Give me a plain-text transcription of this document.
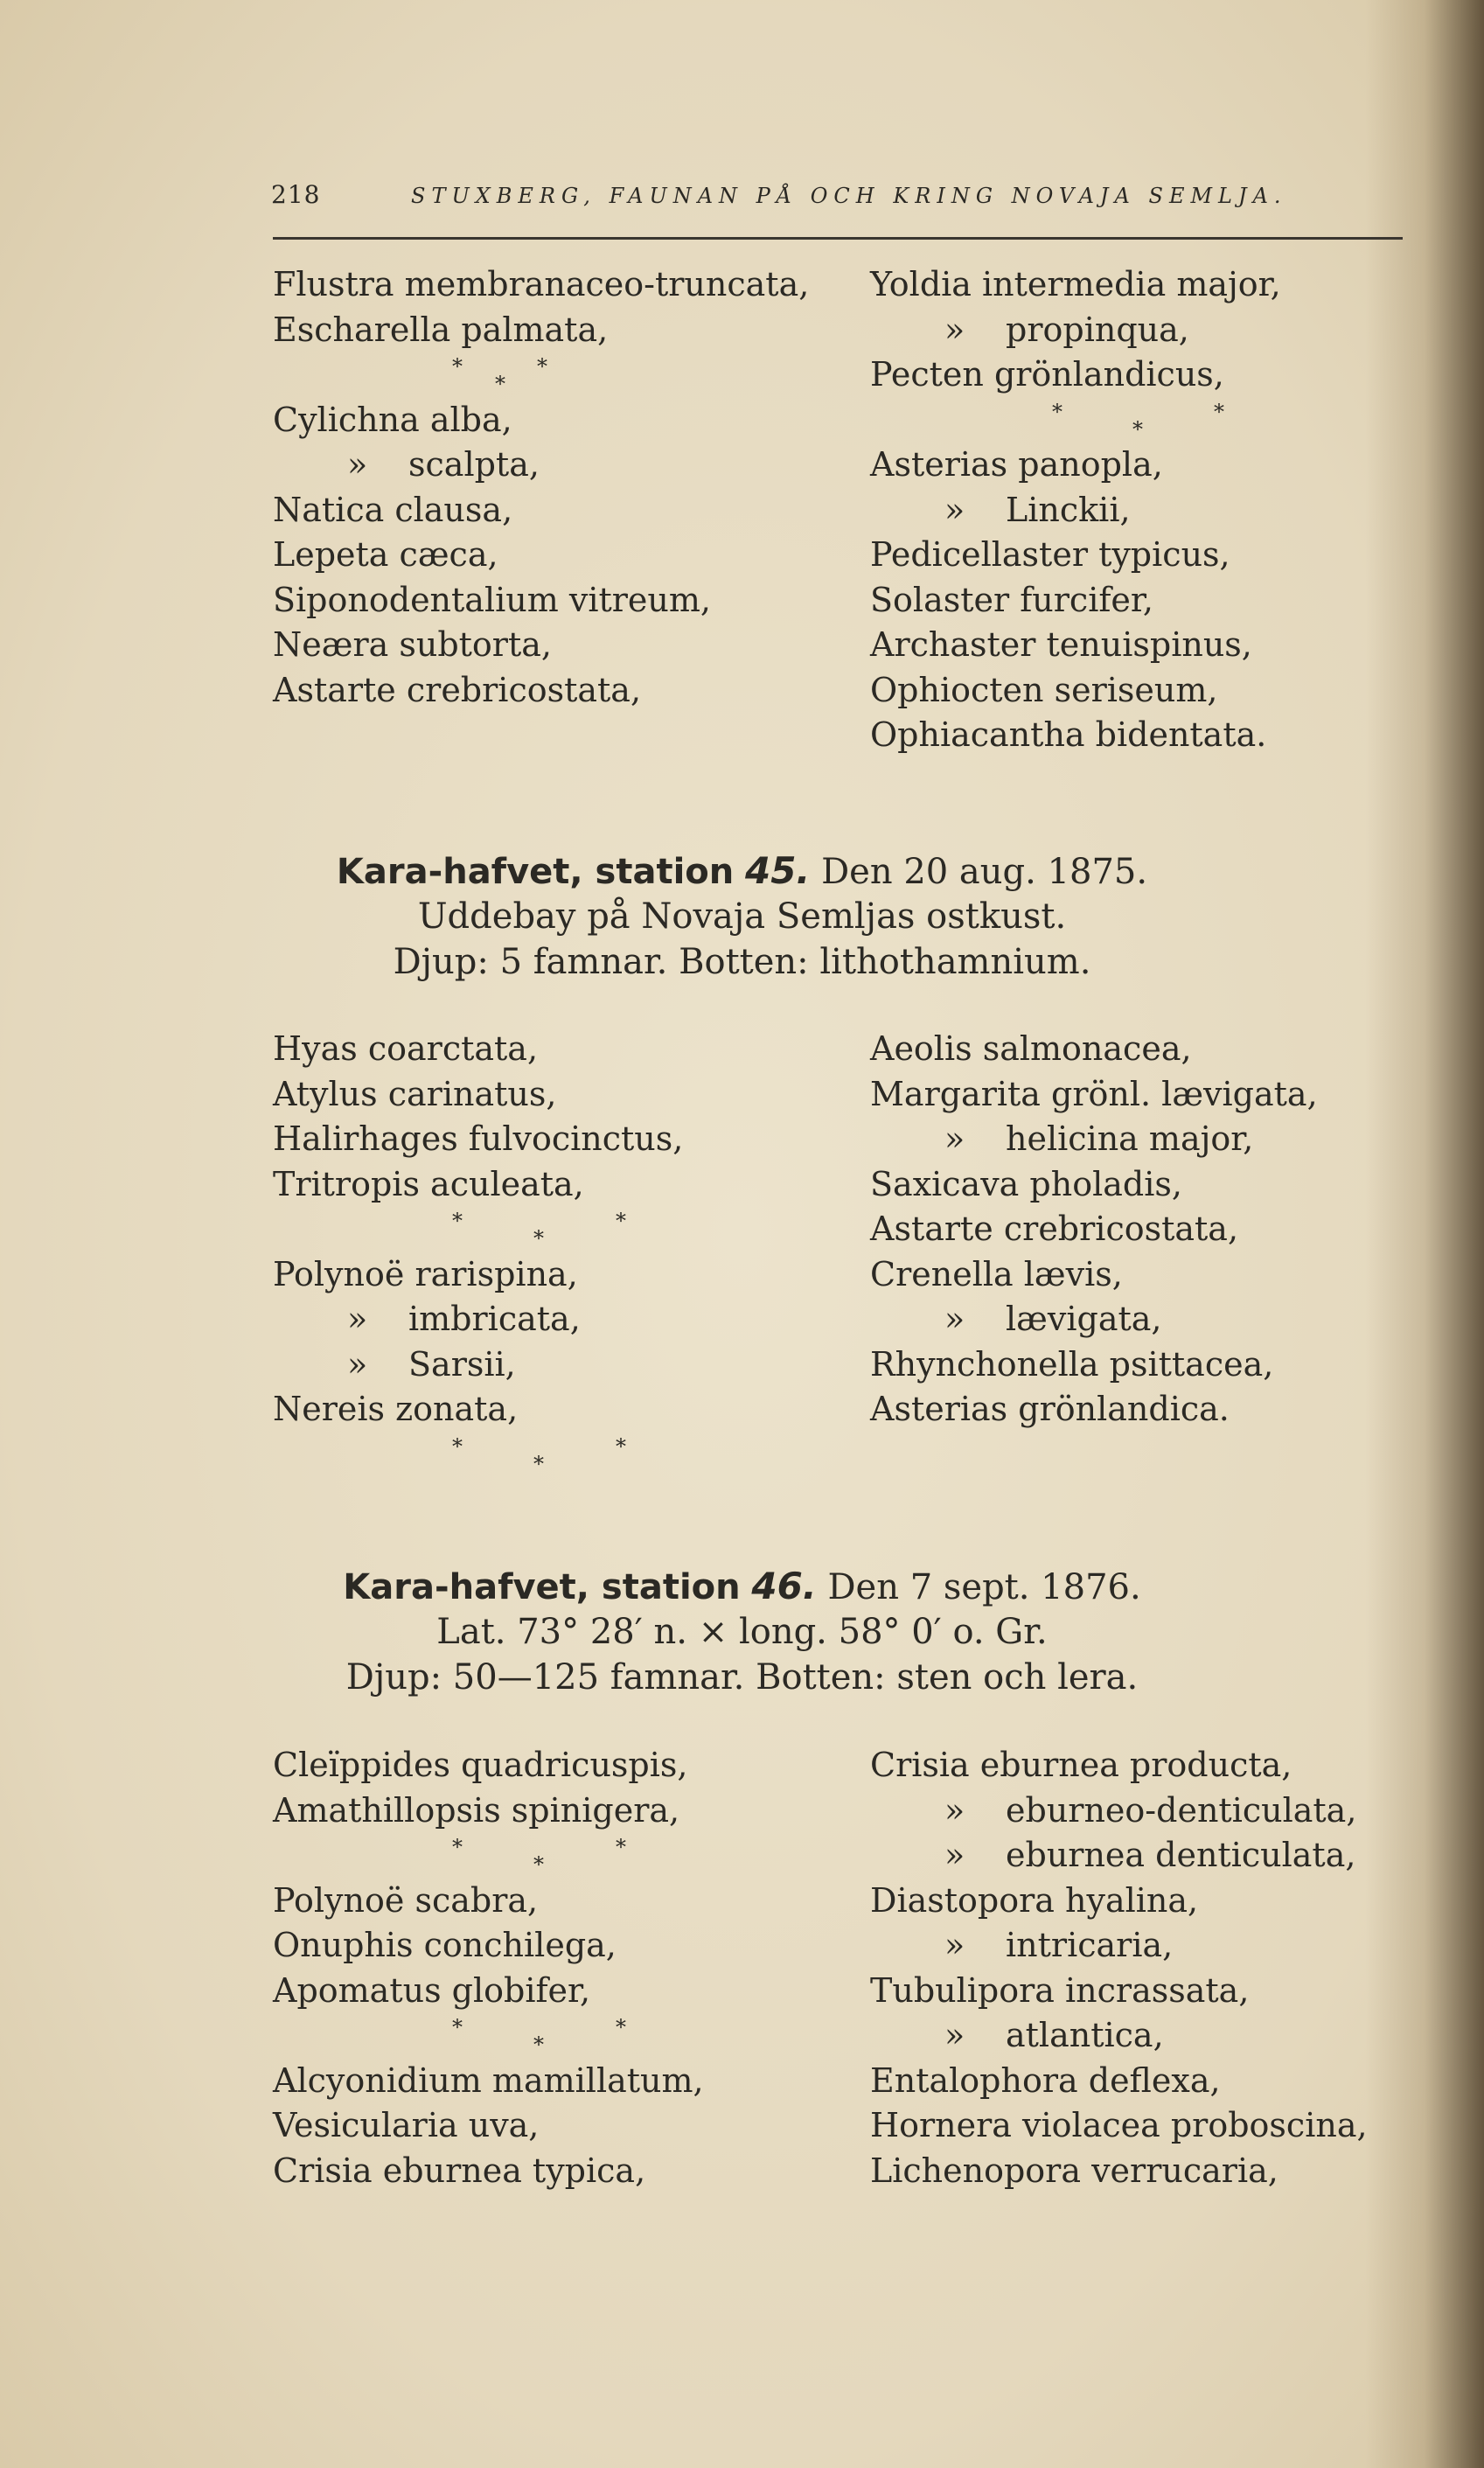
218	STUXBERG, FAUNAN PÅ OCH KRING NOVAJA SEMLJA.
Flustra membranaceo-truncata,
Escharella palmata,
*	*
*
Cylichna alba,
» scalpta,
Natica clausa,
Lepeta cæca,
Siponodentalium vitreum,
Neæra subtorta,
Astarte crebricostata,
Yoldia intermedia major,
» propinqua,
Pecten grönlandicus,
*	*
*
Asterias panopla,
» Linckii,
Pedicellaster typicus,
Solaster furcifer,
Archaster tenuispinus,
Ophiocten seriseum,
Ophiacantha bidentata.
Kara-hafvet, station 45. Den 20 aug. 1875.
Uddebay på Novaja Semljas ostkust.
Djup: 5 famnar. Botten: lithothamnium.
Hyas coarctata,
Atylus carinatus,
Halirhages fulvocinctus,
Tritropis aculeata,
*	*
*
Polynoë rarispina,
» imbricata,
» Sarsii,
Nereis zonata,
*	*
*
Aeolis salmonacea,
Margarita grönl. lævigata,
» helicina major,
Saxicava pholadis,
Astarte crebricostata,
Crenella lævis,
» lævigata,
Rhynchonella psittacea,
Asterias grönlandica.
Kara-hafvet, station 46. Den 7 sept. 1876.
Lat. 73° 28′ n. × long. 58° 0′ o. Gr.
Djup: 50—125 famnar. Botten: sten och lera.
Cleïppides quadricuspis,
Amathillopsis spinigera,
*	*
*
Polynoë scabra,
Onuphis conchilega,
Apomatus globifer,
*	*
*
Alcyonidium mamillatum,
Vesicularia uva,
Crisia eburnea typica,
Crisia eburnea producta,
» eburneo-denticulata,
» eburnea denticulata,
Diastopora hyalina,
» intricaria,
Tubulipora incrassata,
» atlantica,
Entalophora deflexa,
Hornera violacea proboscina,
Lichenopora verrucaria,
